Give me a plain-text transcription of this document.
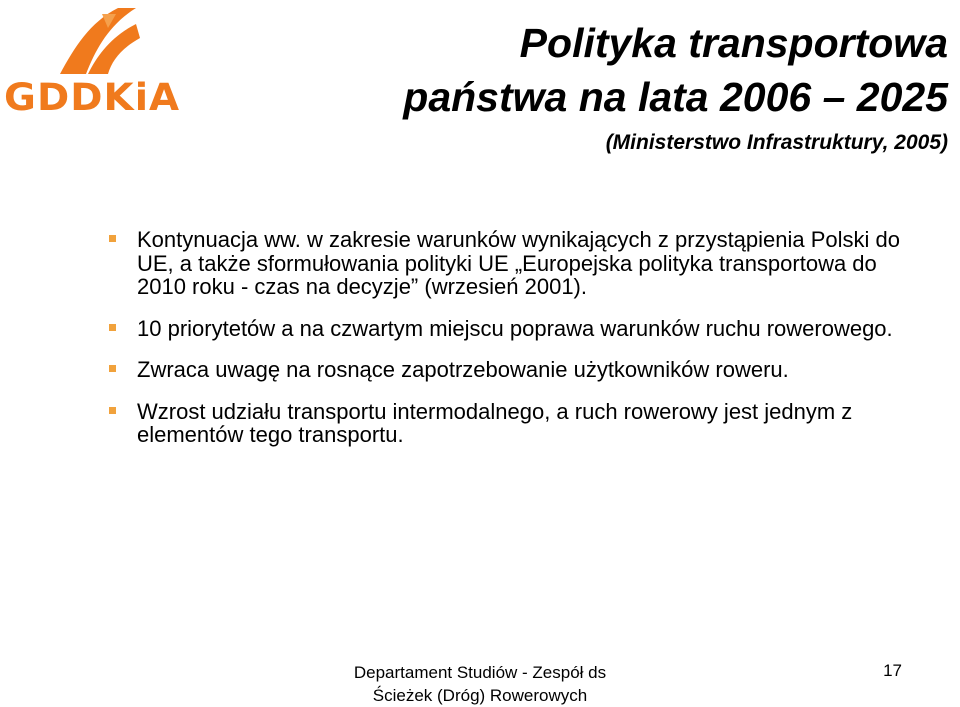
GDDKiA
Polityka transportowa
państwa na lata 2006 – 2025
(Ministerstwo Infrastruktury, 2005)
Kontynuacja ww. w zakresie warunków wynikających z przystąpienia Polski do UE, a także sformułowania polityki UE „Europejska polityka transportowa do 2010 roku - czas na decyzje” (wrzesień 2001).
10 priorytetów a na czwartym miejscu poprawa warunków ruchu rowerowego.
Zwraca uwagę na rosnące zapotrzebowanie użytkowników roweru.
Wzrost udziału transportu intermodalnego, a ruch rowerowy jest jednym z elementów tego transportu.
Departament Studiów - Zespół ds
Ścieżek (Dróg) Rowerowych
17
